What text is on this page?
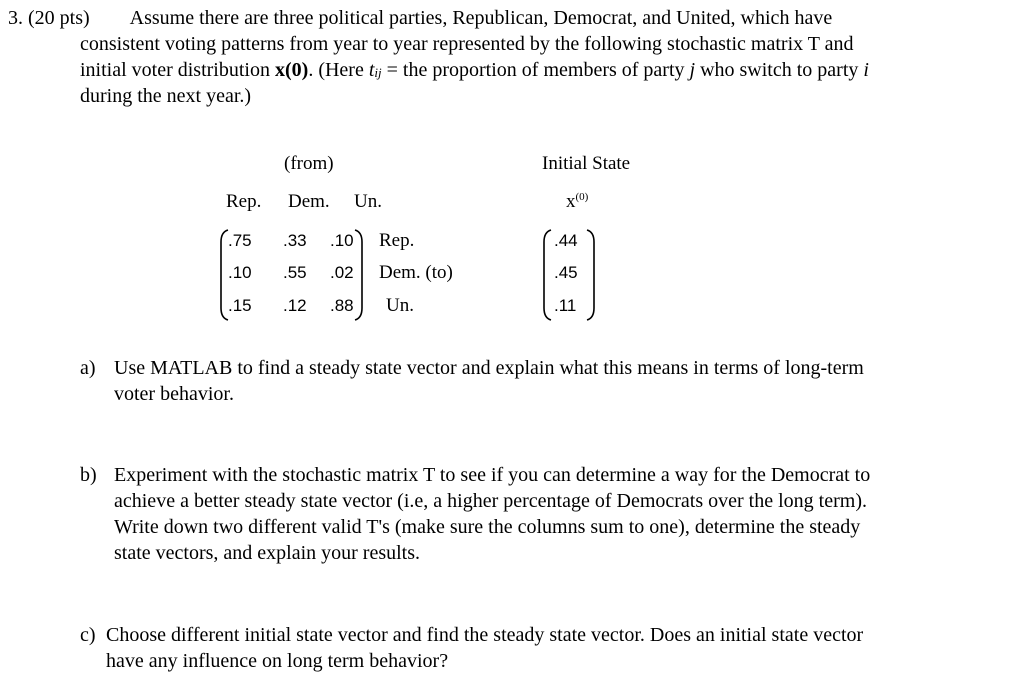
3. (20 pts) Assume there are three political parties, Republican, Democrat, and United, which have
consistent voting patterns from year to year represented by the following stochastic matrix T and
initial voter distribution x(0). (Here tij = the proportion of members of party j who switch to party i
during the next year.)
(from)
Rep. Dem. Un.
.75 .33 .10
.10 .55 .02
.15 .12 .88
Rep.
Dem. (to)
Un.
Initial State
$x^{(0)}$
.44
.45
.11
a) Use MATLAB to find a steady state vector and explain what this means in terms of long-term
voter behavior.
b) Experiment with the stochastic matrix T to see if you can determine a way for the Democrat to
achieve a better steady state vector (i.e, a higher percentage of Democrats over the long term).
Write down two different valid T's (make sure the columns sum to one), determine the steady
state vectors, and explain your results.
c) Choose different initial state vector and find the steady state vector. Does an initial state vector
have any influence on long term behavior?
